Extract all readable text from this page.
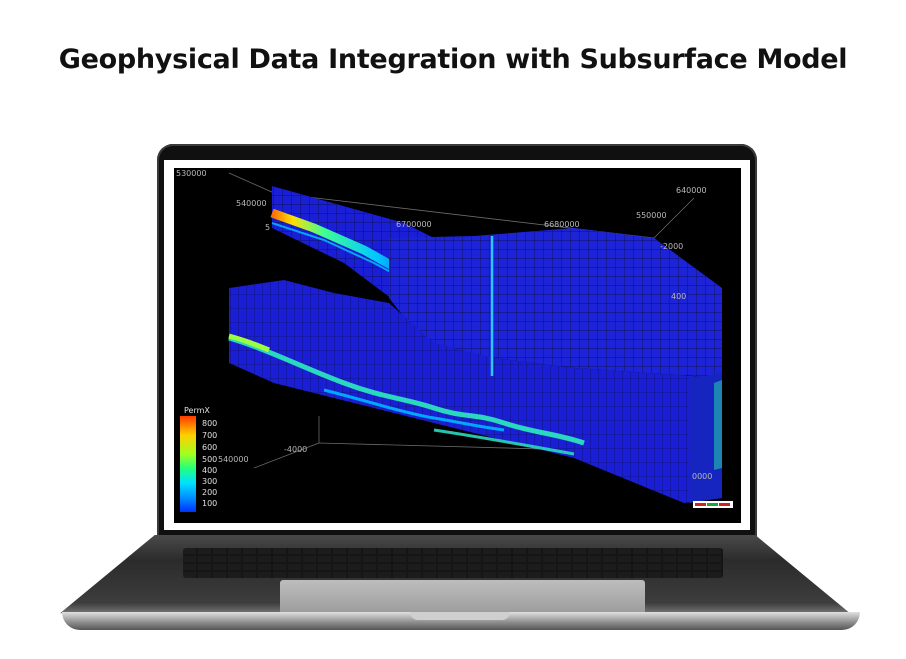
Geophysical Data Integration with Subsurface Model
530000
540000
5	6700000	6680000
640000
550000
-2000
400
540000
-4000
0000
PermX
800
700
600
500
400
300
200
100
